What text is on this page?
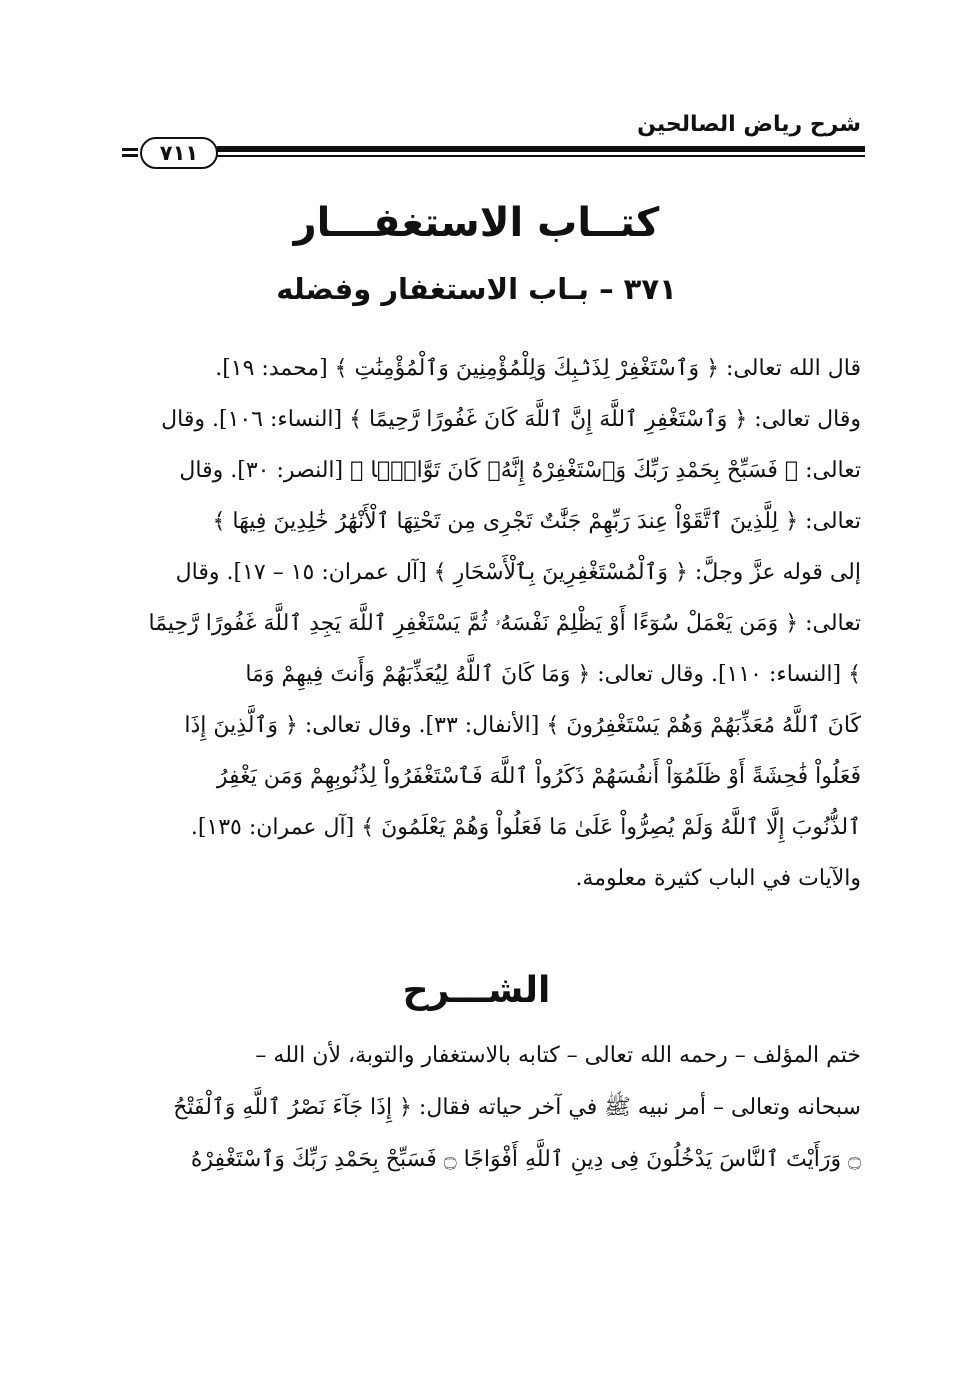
شرح رياض الصالحين
٧١١
كتــاب الاستغفـــار
٣٧١ – بـاب الاستغفار وفضله
قال الله تعالى: ﴿ وَٱسْتَغْفِرْ لِذَنۢبِكَ وَلِلْمُؤْمِنِينَ وَٱلْمُؤْمِنَٰتِ ﴾ [محمد: ١٩].
وقال تعالى: ﴿ وَٱسْتَغْفِرِ ٱللَّهَ إِنَّ ٱللَّهَ كَانَ غَفُورًا رَّحِيمًا ﴾ [النساء: ١٠٦]. وقال
تعالى: ﴿ فَسَبِّحْ بِحَمْدِ رَبِّكَ وَٱسْتَغْفِرْهُ إِنَّهُۥ كَانَ تَوَّابًۢا ﴾ [النصر: ٣٠]. وقال
تعالى: ﴿ لِلَّذِينَ ٱتَّقَوْاْ عِندَ رَبِّهِمْ جَنَّٰتٌ تَجْرِى مِن تَحْتِهَا ٱلْأَنْهَٰرُ خَٰلِدِينَ فِيهَا ﴾
إلى قوله عزَّ وجلَّ: ﴿ وَٱلْمُسْتَغْفِرِينَ بِٱلْأَسْحَارِ ﴾ [آل عمران: ١٥ – ١٧]. وقال
تعالى: ﴿ وَمَن يَعْمَلْ سُوٓءًا أَوْ يَظْلِمْ نَفْسَهُۥ ثُمَّ يَسْتَغْفِرِ ٱللَّهَ يَجِدِ ٱللَّهَ غَفُورًا رَّحِيمًا
﴾ [النساء: ١١٠]. وقال تعالى: ﴿ وَمَا كَانَ ٱللَّهُ لِيُعَذِّبَهُمْ وَأَنتَ فِيهِمْ وَمَا
كَانَ ٱللَّهُ مُعَذِّبَهُمْ وَهُمْ يَسْتَغْفِرُونَ ﴾ [الأنفال: ٣٣]. وقال تعالى: ﴿ وَٱلَّذِينَ إِذَا
فَعَلُواْ فَٰحِشَةً أَوْ ظَلَمُوٓاْ أَنفُسَهُمْ ذَكَرُواْ ٱللَّهَ فَٱسْتَغْفَرُواْ لِذُنُوبِهِمْ وَمَن يَغْفِرُ
ٱلذُّنُوبَ إِلَّا ٱللَّهُ وَلَمْ يُصِرُّواْ عَلَىٰ مَا فَعَلُواْ وَهُمْ يَعْلَمُونَ ﴾ [آل عمران: ١٣٥].
والآيات في الباب كثيرة معلومة.
الشـــرح
ختم المؤلف – رحمه الله تعالى – كتابه بالاستغفار والتوبة، لأن الله –
سبحانه وتعالى – أمر نبيه ﷺ في آخر حياته فقال: ﴿ إِذَا جَآءَ نَصْرُ ٱللَّهِ وَٱلْفَتْحُ
۝ وَرَأَيْتَ ٱلنَّاسَ يَدْخُلُونَ فِى دِينِ ٱللَّهِ أَفْوَاجًا ۝ فَسَبِّحْ بِحَمْدِ رَبِّكَ وَٱسْتَغْفِرْهُ
